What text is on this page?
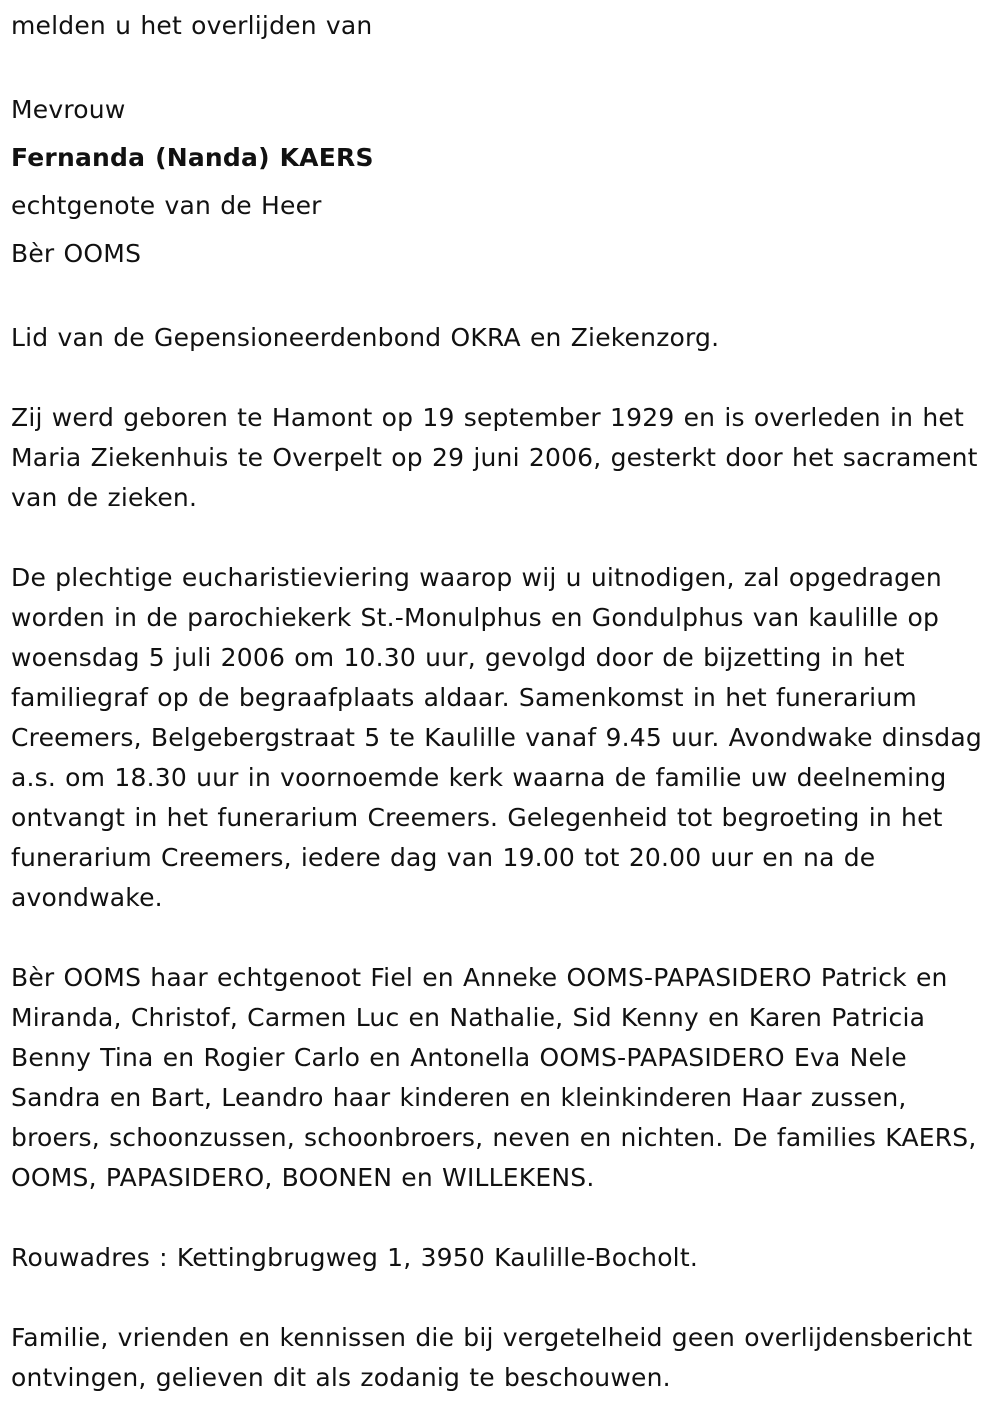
melden u het overlijden van

Mevrouw

Fernanda (Nanda) KAERS

echtgenote van de Heer

Bèr OOMS

Lid van de Gepensioneerdenbond OKRA en Ziekenzorg.

Zij werd geboren te Hamont op 19 september 1929 en is overleden in het Maria Ziekenhuis te Overpelt op 29 juni 2006, gesterkt door het sacrament van de zieken.

De plechtige eucharistieviering waarop wij u uitnodigen, zal opgedragen worden in de parochiekerk St.-Monulphus en Gondulphus van kaulille op woensdag 5 juli 2006 om 10.30 uur, gevolgd door de bijzetting in het familiegraf op de begraafplaats aldaar. Samenkomst in het funerarium Creemers, Belgebergstraat 5 te Kaulille vanaf 9.45 uur. Avondwake dinsdag a.s. om 18.30 uur in voornoemde kerk waarna de familie uw deelneming ontvangt in het funerarium Creemers. Gelegenheid tot begroeting in het funerarium Creemers, iedere dag van 19.00 tot 20.00 uur en na de avondwake.

Bèr OOMS haar echtgenoot Fiel en Anneke OOMS-PAPASIDERO Patrick en Miranda, Christof, Carmen Luc en Nathalie, Sid Kenny en Karen Patricia Benny Tina en Rogier Carlo en Antonella OOMS-PAPASIDERO Eva Nele Sandra en Bart, Leandro haar kinderen en kleinkinderen Haar zussen, broers, schoonzussen, schoonbroers, neven en nichten. De families KAERS, OOMS, PAPASIDERO, BOONEN en WILLEKENS.

Rouwadres : Kettingbrugweg 1, 3950 Kaulille-Bocholt.

Familie, vrienden en kennissen die bij vergetelheid geen overlijdensbericht ontvingen, gelieven dit als zodanig te beschouwen.
